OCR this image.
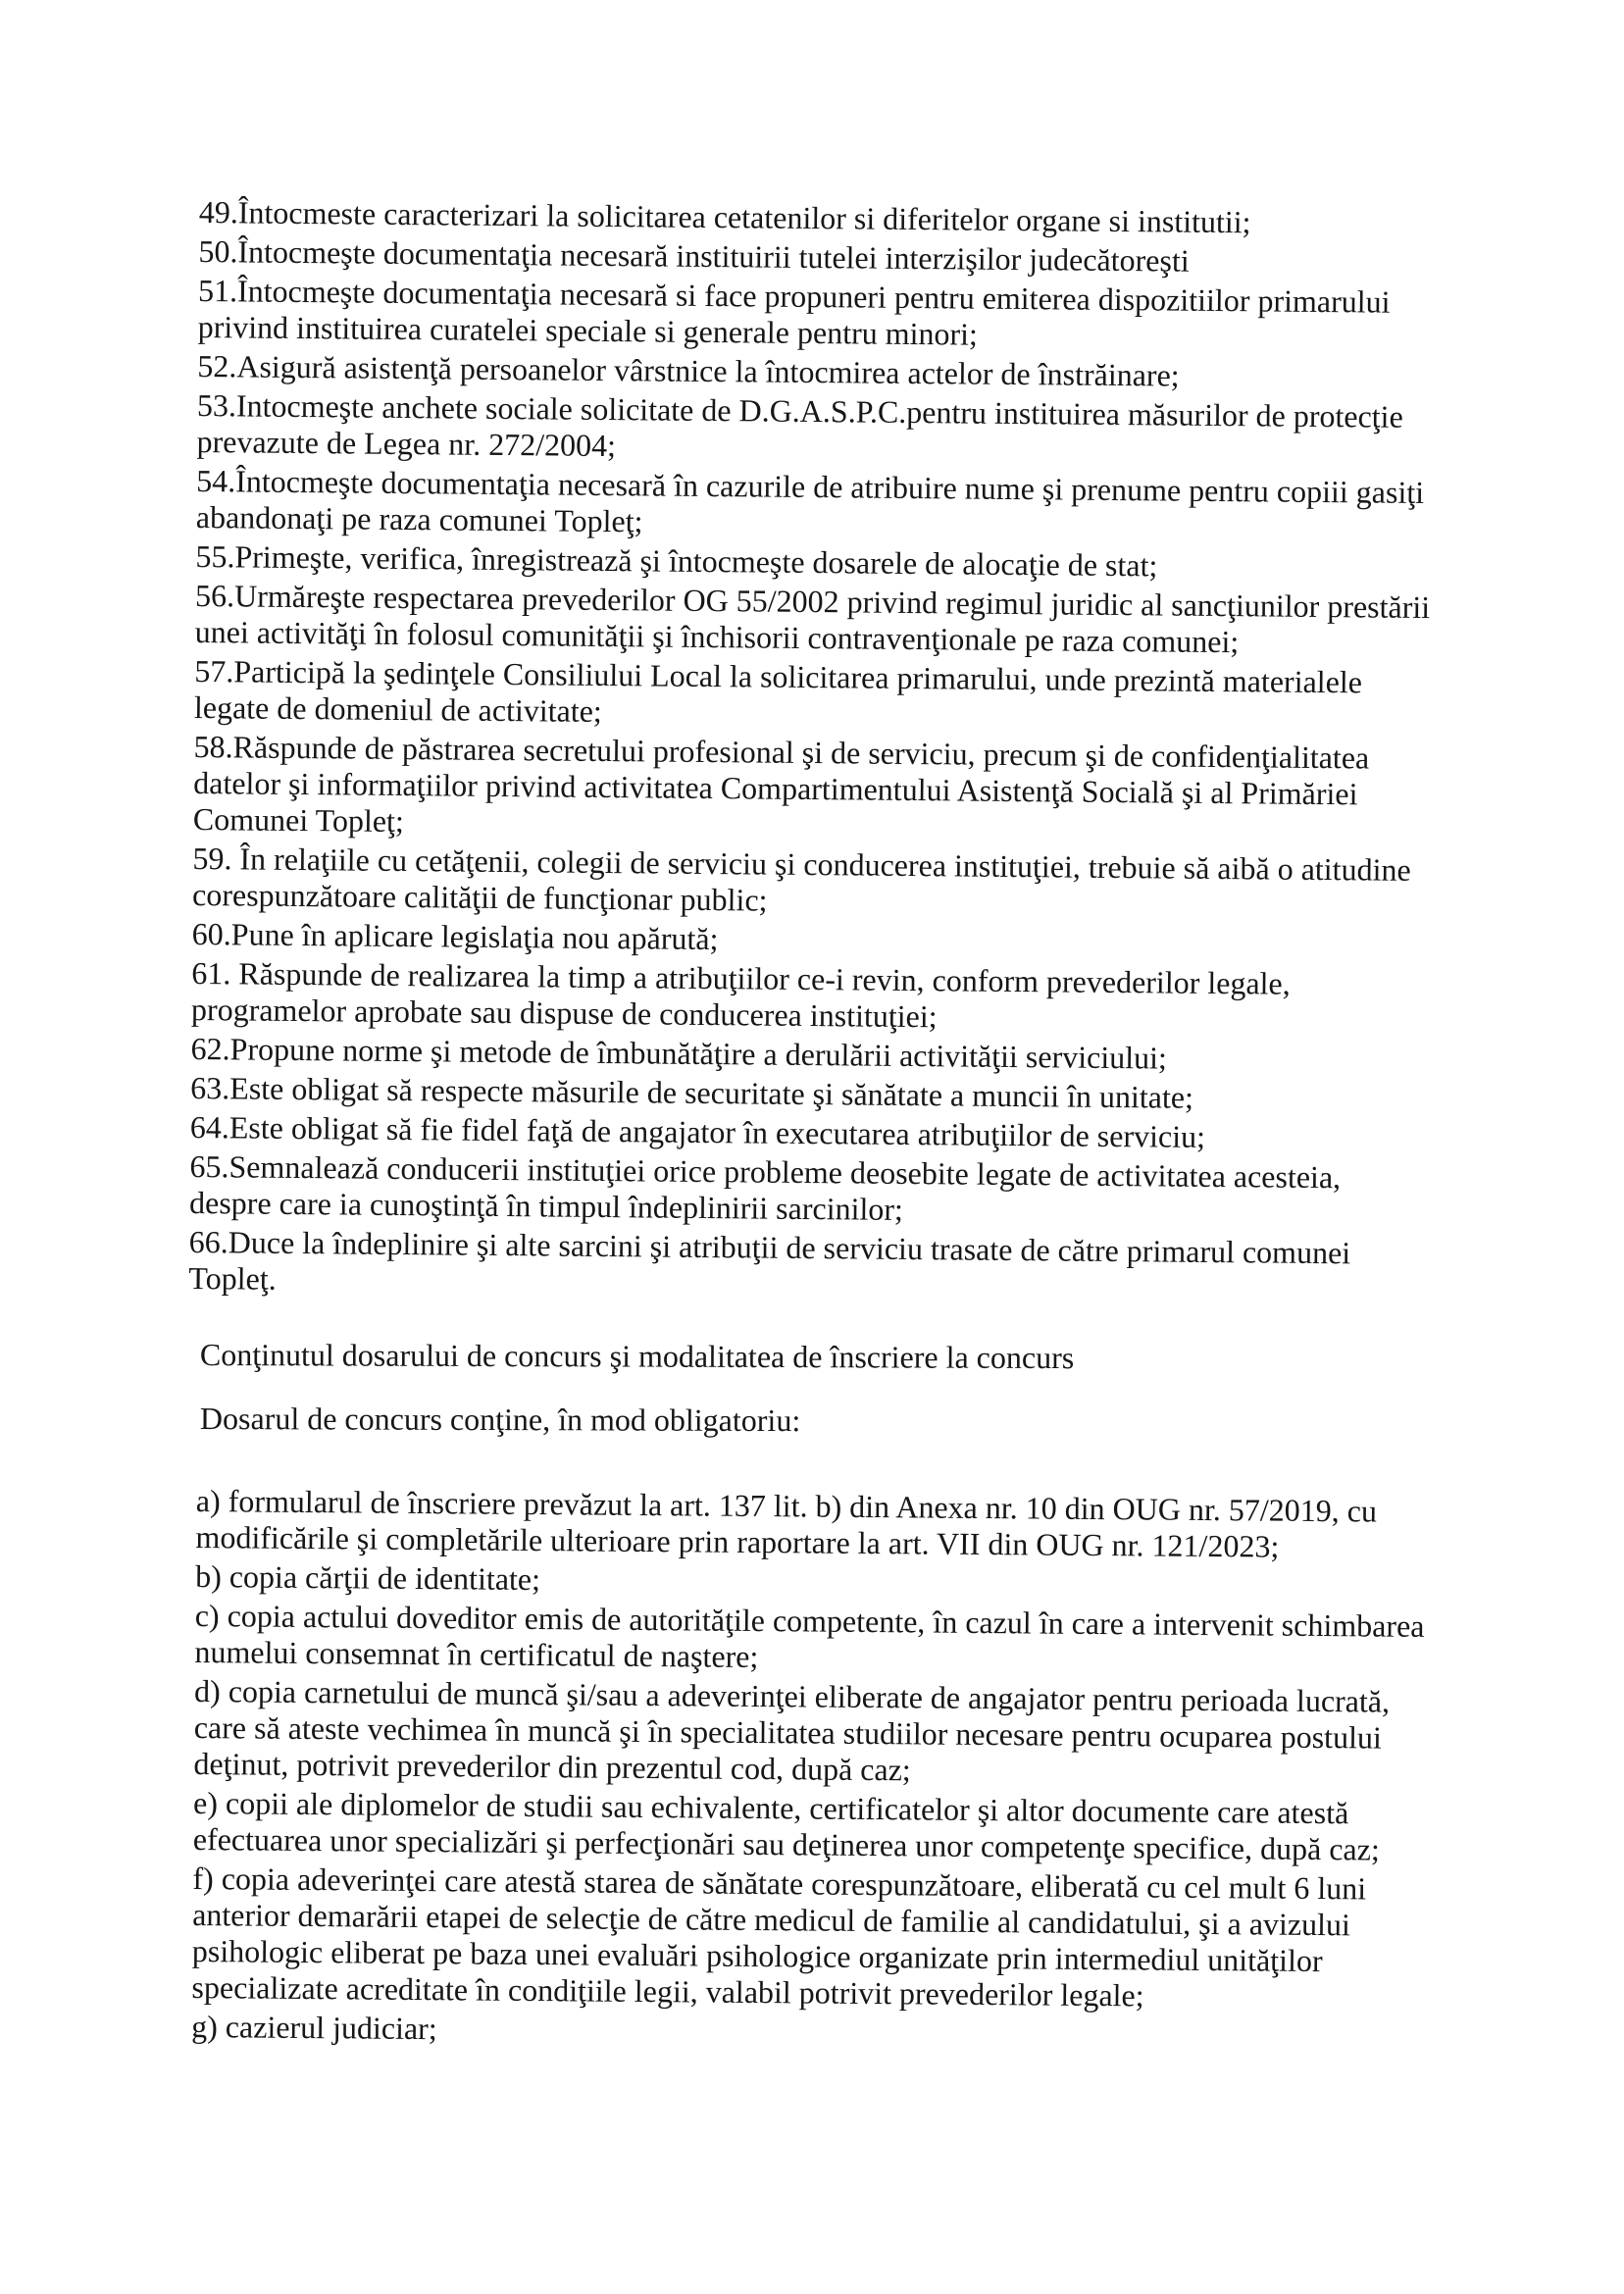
49.Întocmeste caracterizari la solicitarea cetatenilor si diferitelor organe si institutii;

50.Întocmeşte documentaţia necesară instituirii tutelei interzişilor judecătoreşti

51.Întocmeşte documentaţia necesară si face propuneri pentru emiterea dispozitiilor primarului privind instituirea curatelei speciale si generale pentru minori;

52.Asigură asistenţă persoanelor vârstnice la întocmirea actelor de înstrăinare;

53.Intocmeşte anchete sociale solicitate de D.G.A.S.P.C.pentru instituirea măsurilor de protecţie prevazute de Legea nr. 272/2004;

54.Întocmeşte documentaţia necesară în cazurile de atribuire nume şi prenume pentru copiii gasiţi abandonaţi pe raza comunei Topleţ;

55.Primeşte, verifica, înregistrează şi întocmeşte dosarele de alocaţie de stat;

56.Urmăreşte respectarea prevederilor OG 55/2002 privind regimul juridic al sancţiunilor prestării unei activităţi în folosul comunităţii şi închisorii contravenţionale pe raza comunei;

57.Participă la şedinţele Consiliului Local la solicitarea primarului, unde prezintă materialele legate de domeniul de activitate;

58.Răspunde de păstrarea secretului profesional şi de serviciu, precum şi de confidenţialitatea datelor şi informaţiilor privind activitatea Compartimentului Asistenţă Socială şi al Primăriei Comunei Topleţ;

59. În relaţiile cu cetăţenii, colegii de serviciu şi conducerea instituţiei, trebuie să aibă o atitudine corespunzătoare calităţii de funcţionar public;

60.Pune în aplicare legislaţia nou apărută;

61. Răspunde de realizarea la timp a atribuţiilor ce-i revin, conform prevederilor legale, programelor aprobate sau dispuse de conducerea instituţiei;

62.Propune norme şi metode de îmbunătăţire a derulării activităţii serviciului;

63.Este obligat să respecte măsurile de securitate şi sănătate a muncii în unitate;

64.Este obligat să fie fidel faţă de angajator în executarea atribuţiilor de serviciu;

65.Semnalează conducerii instituţiei orice probleme deosebite legate de activitatea acesteia, despre care ia cunoştinţă în timpul îndeplinirii sarcinilor;

66.Duce la îndeplinire şi alte sarcini şi atribuţii de serviciu trasate de către primarul comunei Topleţ.

Conţinutul dosarului de concurs şi modalitatea de înscriere la concurs

Dosarul de concurs conţine, în mod obligatoriu:

a) formularul de înscriere prevăzut la art. 137 lit. b) din Anexa nr. 10 din OUG nr. 57/2019, cu modificările şi completările ulterioare prin raportare la art. VII din OUG nr. 121/2023;

b) copia cărţii de identitate;

c) copia actului doveditor emis de autorităţile competente, în cazul în care a intervenit schimbarea numelui consemnat în certificatul de naştere;

d) copia carnetului de muncă şi/sau a adeverinţei eliberate de angajator pentru perioada lucrată, care să ateste vechimea în muncă şi în specialitatea studiilor necesare pentru ocuparea postului deţinut, potrivit prevederilor din prezentul cod, după caz;

e) copii ale diplomelor de studii sau echivalente, certificatelor şi altor documente care atestă efectuarea unor specializări şi perfecţionări sau deţinerea unor competenţe specifice, după caz;

f) copia adeverinţei care atestă starea de sănătate corespunzătoare, eliberată cu cel mult 6 luni anterior demarării etapei de selecţie de către medicul de familie al candidatului, şi a avizului psihologic eliberat pe baza unei evaluări psihologice organizate prin intermediul unităţilor specializate acreditate în condiţiile legii, valabil potrivit prevederilor legale;

g) cazierul judiciar;
